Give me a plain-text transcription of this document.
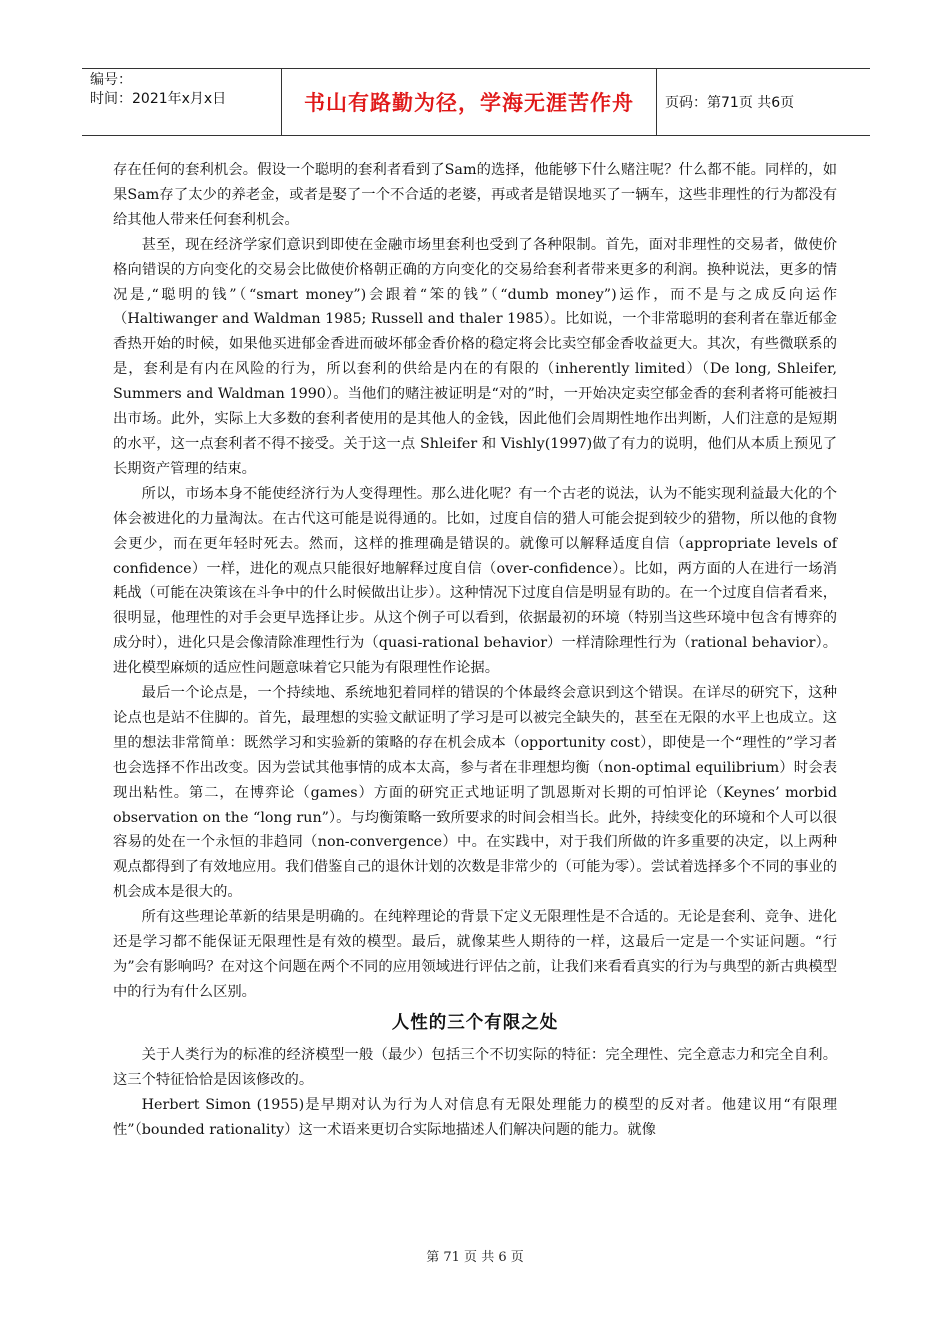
编号：
时间：2021年x月x日	书山有路勤为径，学海无涯苦作舟	页码：第71页 共6页

存在任何的套利机会。假设一个聪明的套利者看到了Sam的选择，他能够下什么赌注呢？什么都不能。同样的，如果Sam存了太少的养老金，或者是娶了一个不合适的老婆，再或者是错误地买了一辆车，这些非理性的行为都没有给其他人带来任何套利机会。

甚至，现在经济学家们意识到即使在金融市场里套利也受到了各种限制。首先，面对非理性的交易者，做使价格向错误的方向变化的交易会比做使价格朝正确的方向变化的交易给套利者带来更多的利润。换种说法，更多的情况是,“聪明的钱”（“smart money”)会跟着“笨的钱”（“dumb money”)运作，而不是与之成反向运作（Haltiwanger and Waldman 1985; Russell and thaler 1985）。比如说，一个非常聪明的套利者在靠近郁金香热开始的时候，如果他买进郁金香进而破坏郁金香价格的稳定将会比卖空郁金香收益更大。其次，有些微联系的是，套利是有内在风险的行为，所以套利的供给是内在的有限的（inherently limited）（De long, Shleifer, Summers and Waldman 1990）。当他们的赌注被证明是“对的”时，一开始决定卖空郁金香的套利者将可能被扫出市场。此外，实际上大多数的套利者使用的是其他人的金钱，因此他们会周期性地作出判断，人们注意的是短期的水平，这一点套利者不得不接受。关于这一点 Shleifer 和 Vishly(1997)做了有力的说明，他们从本质上预见了长期资产管理的结束。

所以，市场本身不能使经济行为人变得理性。那么进化呢？有一个古老的说法，认为不能实现利益最大化的个体会被进化的力量淘汰。在古代这可能是说得通的。比如，过度自信的猎人可能会捉到较少的猎物，所以他的食物会更少，而在更年轻时死去。然而，这样的推理确是错误的。就像可以解释适度自信（appropriate levels of confidence）一样，进化的观点只能很好地解释过度自信（over-confidence）。比如，两方面的人在进行一场消耗战（可能在决策该在斗争中的什么时候做出让步）。这种情况下过度自信是明显有助的。在一个过度自信者看来，很明显，他理性的对手会更早选择让步。从这个例子可以看到，依据最初的环境（特别当这些环境中包含有博弈的成分时），进化只是会像清除准理性行为（quasi-rational behavior）一样清除理性行为（rational behavior）。进化模型麻烦的适应性问题意味着它只能为有限理性作论据。

最后一个论点是，一个持续地、系统地犯着同样的错误的个体最终会意识到这个错误。在详尽的研究下，这种论点也是站不住脚的。首先，最理想的实验文献证明了学习是可以被完全缺失的，甚至在无限的水平上也成立。这里的想法非常简单：既然学习和实验新的策略的存在机会成本（opportunity cost），即使是一个“理性的”学习者也会选择不作出改变。因为尝试其他事情的成本太高，参与者在非理想均衡（non-optimal equilibrium）时会表现出粘性。第二，在博弈论（games）方面的研究正式地证明了凯恩斯对长期的可怕评论（Keynes’ morbid observation on the “long run”）。与均衡策略一致所要求的时间会相当长。此外，持续变化的环境和个人可以很容易的处在一个永恒的非趋同（non-convergence）中。在实践中，对于我们所做的许多重要的决定，以上两种观点都得到了有效地应用。我们借鉴自己的退休计划的次数是非常少的（可能为零）。尝试着选择多个不同的事业的机会成本是很大的。

所有这些理论革新的结果是明确的。在纯粹理论的背景下定义无限理性是不合适的。无论是套利、竞争、进化还是学习都不能保证无限理性是有效的模型。最后，就像某些人期待的一样，这最后一定是一个实证问题。“行为”会有影响吗？在对这个问题在两个不同的应用领域进行评估之前，让我们来看看真实的行为与典型的新古典模型中的行为有什么区别。

人性的三个有限之处

关于人类行为的标准的经济模型一般（最少）包括三个不切实际的特征：完全理性、完全意志力和完全自利。这三个特征恰恰是因该修改的。

Herbert Simon (1955)是早期对认为行为人对信息有无限处理能力的模型的反对者。他建议用“有限理性”（bounded rationality）这一术语来更切合实际地描述人们解决问题的能力。就像

第 71 页 共 6 页
